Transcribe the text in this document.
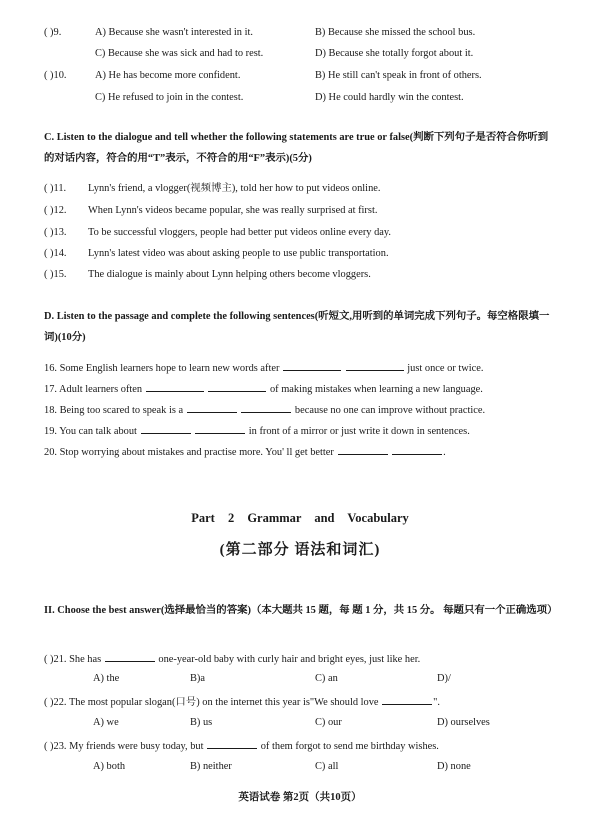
( )9.	A) Because she wasn't interested in it.	B) Because she missed the school bus.
C) Because she was sick and had to rest.	D) Because she totally forgot about it.
( )10.	A) He has become more confident.	B) He still can't speak in front of others.
C) He refused to join in the contest.	D) He could hardly win the contest.
C. Listen to the dialogue and tell whether the following statements are true or false(判断下列句子是否符合你听到的对话内容，符合的用“T”表示，不符合的用“F”表示)(5分)
( )11. Lynn's friend, a vlogger(视频博主), told her how to put videos online.
( )12. When Lynn's videos became popular, she was really surprised at first.
( )13. To be successful vloggers, people had better put videos online every day.
( )14. Lynn's latest video was about asking people to use public transportation.
( )15. The dialogue is mainly about Lynn helping others become vloggers.
D. Listen to the passage and complete the following sentences(听短文,用听到的单词完成下列句子。每空格限填一词)(10分)
16. Some English learners hope to learn new words after	just once or twice.
17. Adult learners often	of making mistakes when learning a new language.
18. Being too scared to speak is a	because no one can improve without practice.
19. You can talk about	in front of a mirror or just write it down in sentences.
20. Stop worrying about mistakes and practise more. You' ll get better	.
Part 2 Grammar and Vocabulary
(第二部分 语法和词汇)
II. Choose the best answer(选择最恰当的答案)（本大题共 15 题，每 题 1 分，共 15 分。 每题只有一个正确选项）
( )21. She has	one-year-old baby with curly hair and bright eyes, just like her.
A) the	B)a	C) an	D)/
( )22. The most popular slogan(口号) on the internet this year is"We should love	".
A) we	B) us	C) our	D) ourselves
( )23. My friends were busy today, but	of them forgot to send me birthday wishes.
A) both	B) neither	C) all	D) none
英语试卷 第2页（共10页）
